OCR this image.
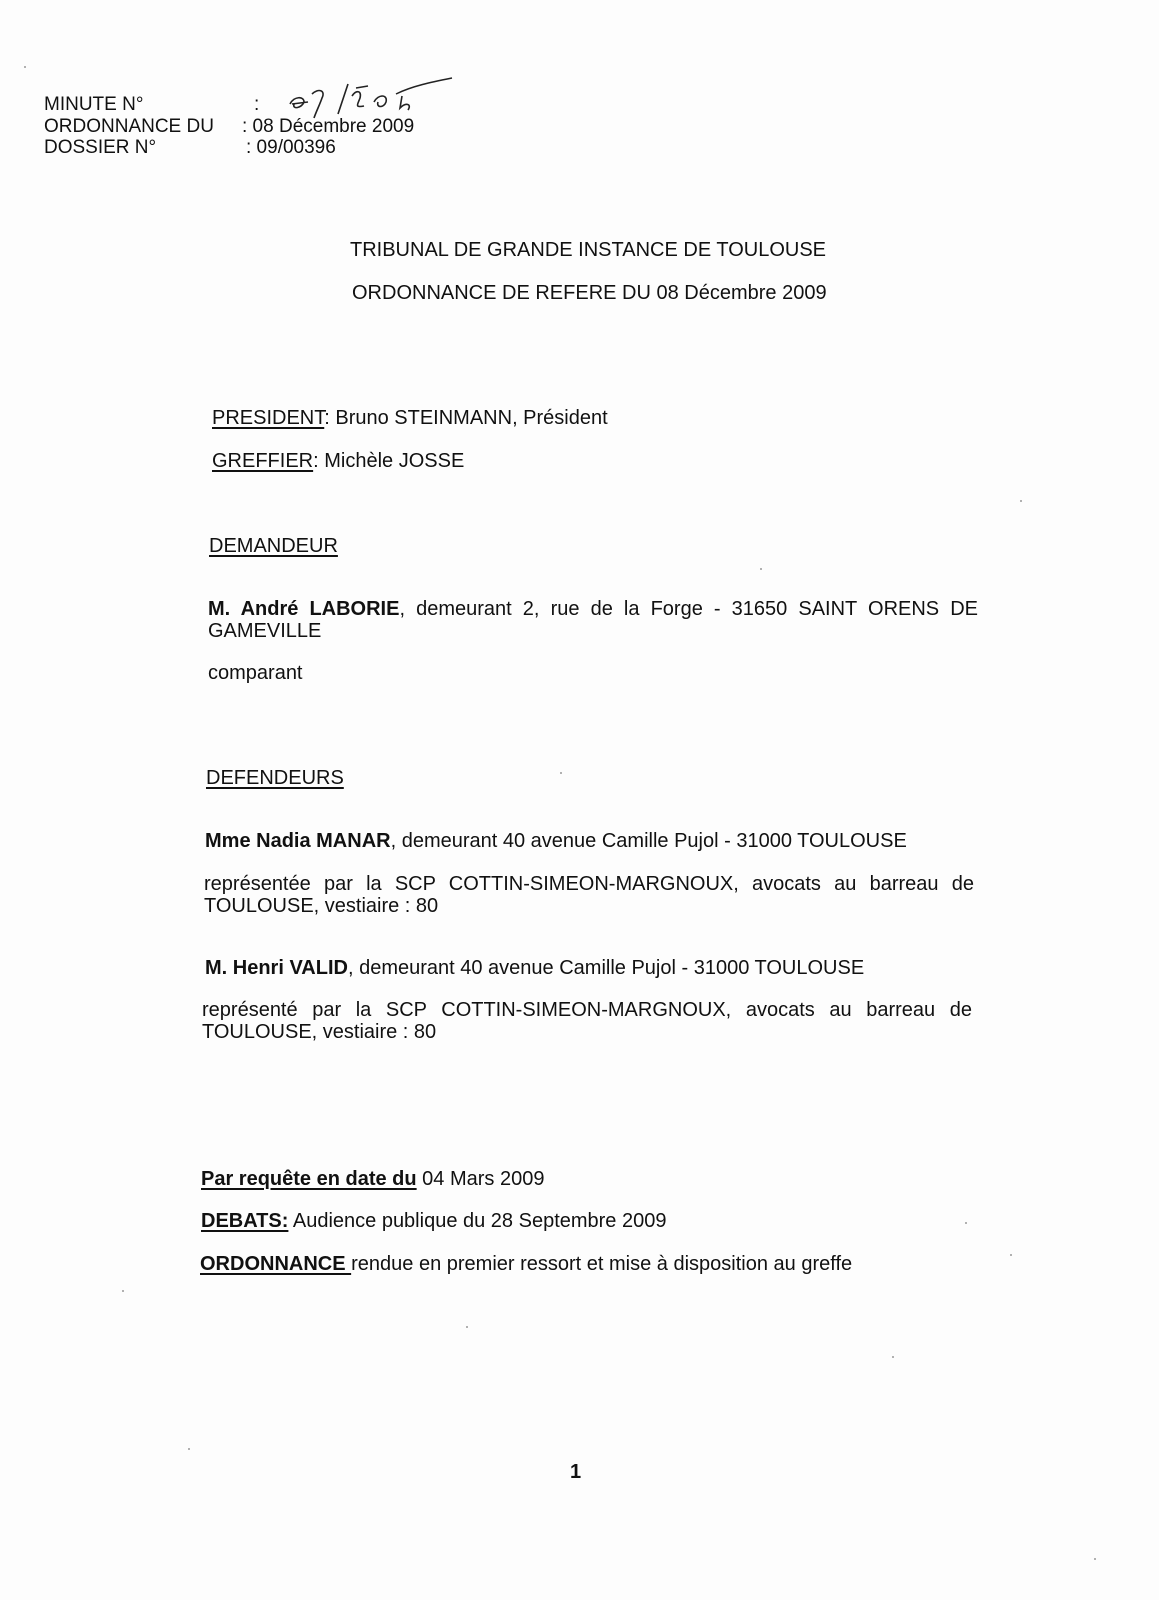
MINUTE N°	:
ORDONNANCE DU : 08 Décembre 2009
DOSSIER N°	: 09/00396
TRIBUNAL DE GRANDE INSTANCE DE TOULOUSE
ORDONNANCE DE REFERE DU 08 Décembre 2009
PRESIDENT: Bruno STEINMANN, Président
GREFFIER: Michèle JOSSE
DEMANDEUR
M. André LABORIE, demeurant 2, rue de la Forge - 31650 SAINT ORENS DE
GAMEVILLE
comparant
DEFENDEURS
Mme Nadia MANAR, demeurant 40 avenue Camille Pujol - 31000 TOULOUSE
représentée par la SCP COTTIN-SIMEON-MARGNOUX, avocats au barreau de
TOULOUSE, vestiaire : 80
M. Henri VALID, demeurant 40 avenue Camille Pujol - 31000 TOULOUSE
représenté par la SCP COTTIN-SIMEON-MARGNOUX, avocats au barreau de
TOULOUSE, vestiaire : 80
Par requête en date du 04 Mars 2009
DEBATS: Audience publique du 28 Septembre 2009
ORDONNANCE rendue en premier ressort et mise à disposition au greffe
1
